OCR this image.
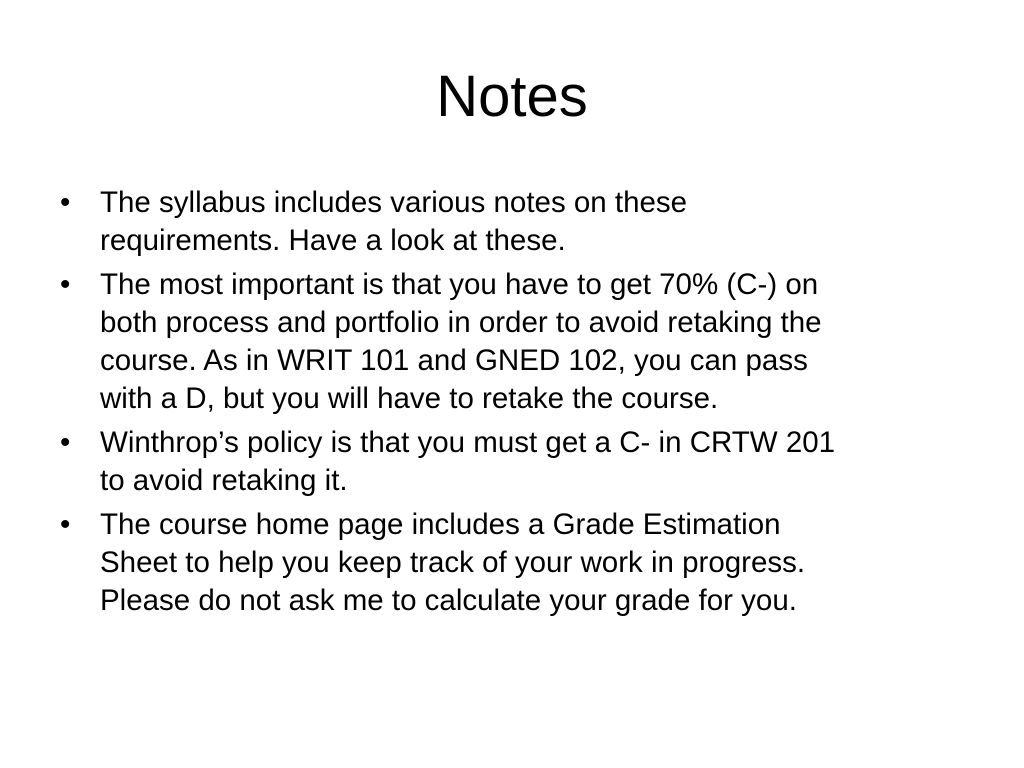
Notes
• The syllabus includes various notes on these
requirements. Have a look at these.
• The most important is that you have to get 70% (C-) on
both process and portfolio in order to avoid retaking the
course. As in WRIT 101 and GNED 102, you can pass
with a D, but you will have to retake the course.
• Winthrop’s policy is that you must get a C- in CRTW 201
to avoid retaking it.
• The course home page includes a Grade Estimation
Sheet to help you keep track of your work in progress.
Please do not ask me to calculate your grade for you.
